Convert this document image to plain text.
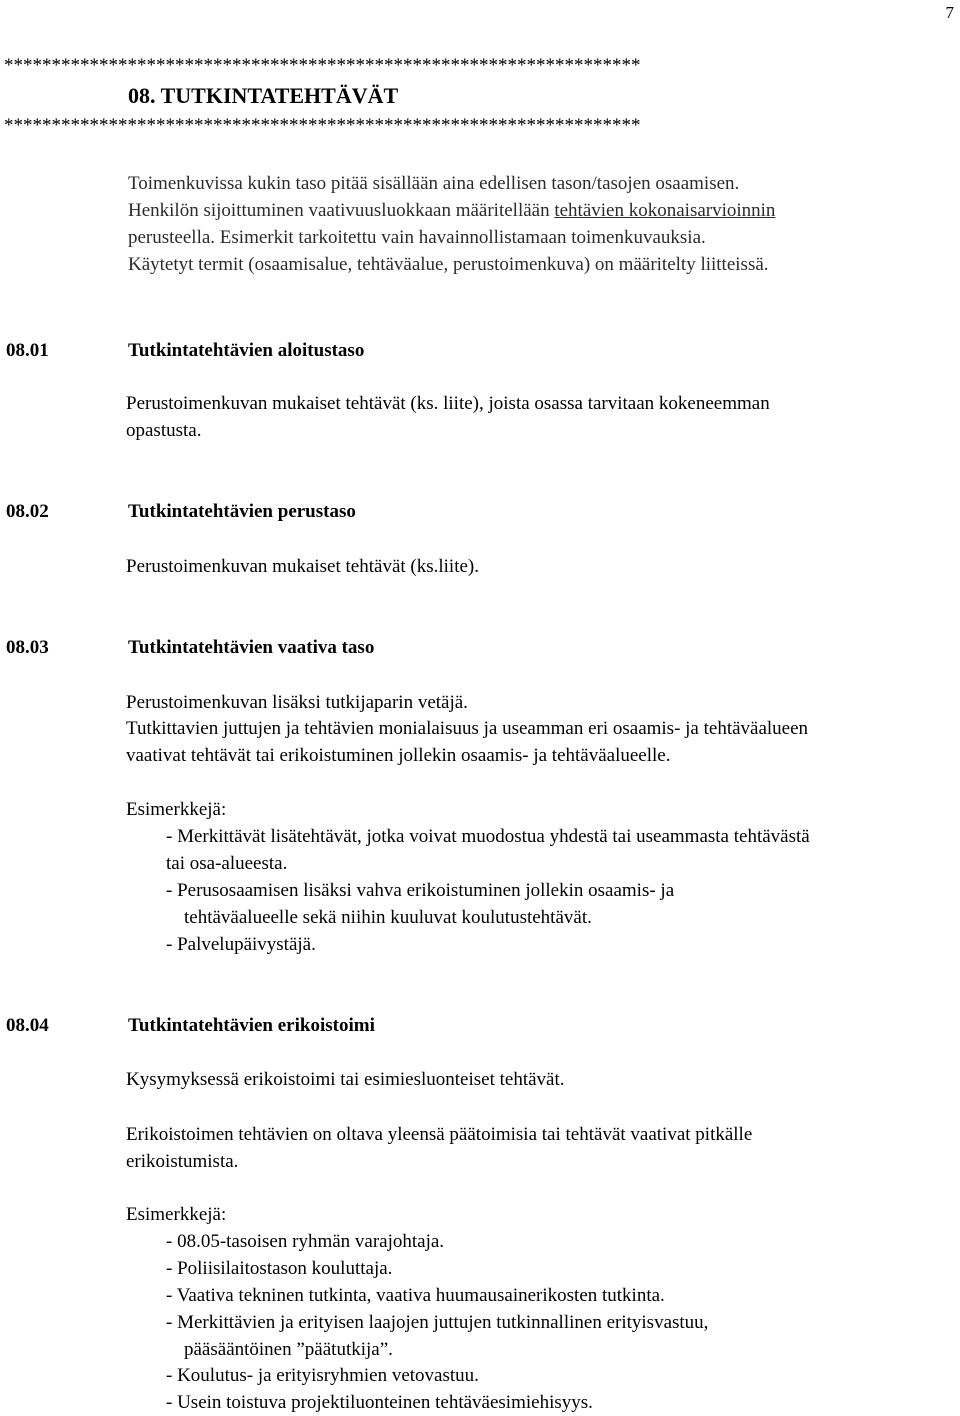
7
*******************************************************************
08. TUTKINTATEHTÄVÄT
*******************************************************************
Toimenkuvissa kukin taso pitää sisällään aina edellisen tason/tasojen osaamisen.
Henkilön sijoittuminen vaativuusluokkaan määritellään tehtävien kokonaisarvioinnin
perusteella. Esimerkit tarkoitettu vain havainnollistamaan toimenkuvauksia.
Käytetyt termit (osaamisalue, tehtäväalue, perustoimenkuva) on määritelty liitteissä.
08.01	Tutkintatehtävien aloitustaso
Perustoimenkuvan mukaiset tehtävät (ks. liite), joista osassa tarvitaan kokeneemman
opastusta.
08.02	Tutkintatehtävien perustaso
Perustoimenkuvan mukaiset tehtävät (ks.liite).
08.03	Tutkintatehtävien vaativa taso
Perustoimenkuvan lisäksi tutkijaparin vetäjä.
Tutkittavien juttujen ja tehtävien monialaisuus ja useamman eri osaamis- ja tehtäväalueen
vaativat tehtävät tai erikoistuminen jollekin osaamis- ja tehtäväalueelle.
Esimerkkejä:
- Merkittävät lisätehtävät, jotka voivat muodostua yhdestä tai useammasta tehtävästä
tai osa-alueesta.
- Perusosaamisen lisäksi vahva erikoistuminen jollekin osaamis- ja
tehtäväalueelle sekä niihin kuuluvat koulutustehtävät.
- Palvelupäivystäjä.
08.04	Tutkintatehtävien erikoistoimi
Kysymyksessä erikoistoimi tai esimiesluonteiset tehtävät.
Erikoistoimen tehtävien on oltava yleensä päätoimisia tai tehtävät vaativat pitkälle
erikoistumista.
Esimerkkejä:
- 08.05-tasoisen ryhmän varajohtaja.
- Poliisilaitostason kouluttaja.
- Vaativa tekninen tutkinta, vaativa huumausainerikosten tutkinta.
- Merkittävien ja erityisen laajojen juttujen tutkinnallinen erityisvastuu,
pääsääntöinen ”päätutkija”.
- Koulutus- ja erityisryhmien vetovastuu.
- Usein toistuva projektiluonteinen tehtäväesimiehisyys.
